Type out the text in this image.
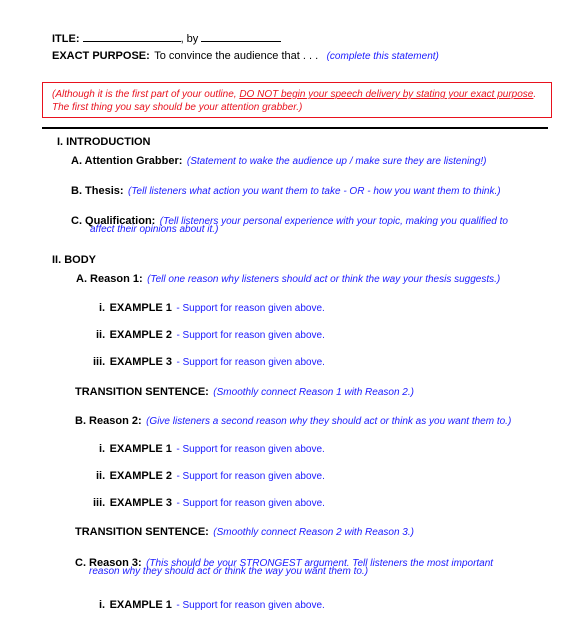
ITLE:	, by
EXACT PURPOSE: To convince the audience that . . . (complete this statement)
(Although it is the first part of your outline, DO NOT begin your speech delivery by stating your exact purpose. The first thing you say should be your attention grabber.)
I. INTRODUCTION
A. Attention Grabber: (Statement to wake the audience up / make sure they are listening!)
B. Thesis: (Tell listeners what action you want them to take - OR - how you want them to think.)
C. Qualification: (Tell listeners your personal experience with your topic, making you qualified to
affect their opinions about it.)
II. BODY
A. Reason 1: (Tell one reason why listeners should act or think the way your thesis suggests.)
i. EXAMPLE 1 - Support for reason given above.
ii. EXAMPLE 2 - Support for reason given above.
iii. EXAMPLE 3 - Support for reason given above.
TRANSITION SENTENCE: (Smoothly connect Reason 1 with Reason 2.)
B. Reason 2: (Give listeners a second reason why they should act or think as you want them to.)
i. EXAMPLE 1 - Support for reason given above.
ii. EXAMPLE 2 - Support for reason given above.
iii. EXAMPLE 3 - Support for reason given above.
TRANSITION SENTENCE: (Smoothly connect Reason 2 with Reason 3.)
C. Reason 3: (This should be your STRONGEST argument. Tell listeners the most important
reason why they should act or think the way you want them to.)
i. EXAMPLE 1 - Support for reason given above.
